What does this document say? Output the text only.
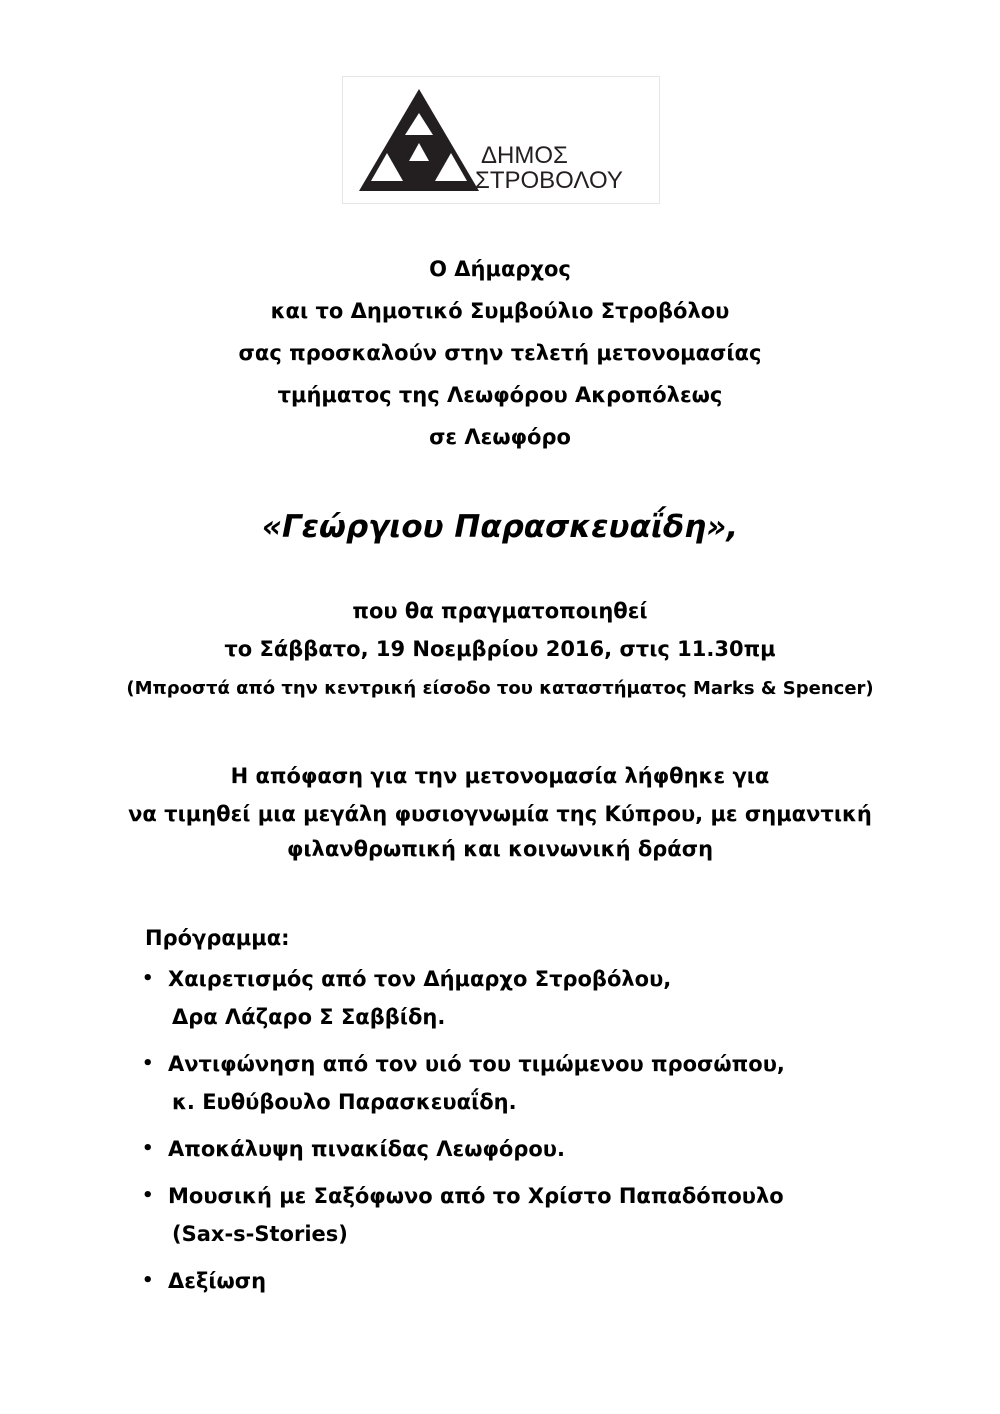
ΔΗΜΟΣ
ΣΤΡΟΒΟΛΟΥ

Ο Δήμαρχος

και το Δημοτικό Συμβούλιο Στροβόλου

σας προσκαλούν στην τελετή μετονομασίας

τμήματος της Λεωφόρου Ακροπόλεως

σε Λεωφόρο

«Γεώργιου Παρασκευαΐδη»,

που θα πραγματοποιηθεί

το Σάββατο, 19 Νοεμβρίου 2016, στις 11.30πμ

(Μπροστά από την κεντρική είσοδο του καταστήματος Marks & Spencer)

Η απόφαση για την μετονομασία λήφθηκε για

να τιμηθεί μια μεγάλη φυσιογνωμία της Κύπρου, με σημαντική

φιλανθρωπική και κοινωνική δράση

Πρόγραμμα:

• Χαιρετισμός από τον Δήμαρχο Στροβόλου,
Δρα Λάζαρο Σ Σαββίδη.
• Αντιφώνηση από τον υιό του τιμώμενου προσώπου,
κ. Ευθύβουλο Παρασκευαΐδη.
• Αποκάλυψη πινακίδας Λεωφόρου.
• Μουσική με Σαξόφωνο από το Χρίστο Παπαδόπουλο
(Sax-s-Stories)
• Δεξίωση
